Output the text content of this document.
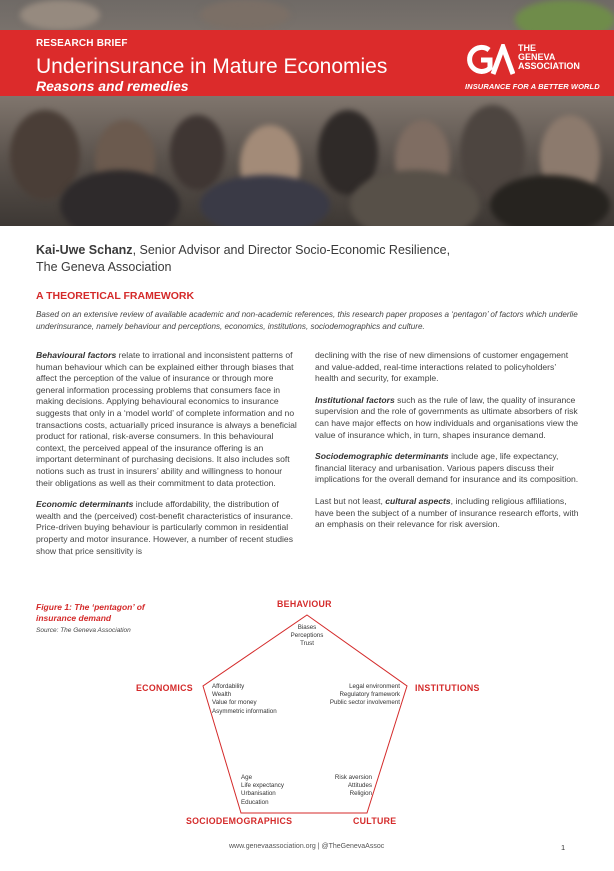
RESEARCH BRIEF
Underinsurance in Mature Economies
Reasons and remedies
THE
GENEVA
ASSOCIATION
INSURANCE FOR A BETTER WORLD
Kai-Uwe Schanz, Senior Advisor and Director Socio-Economic Resilience,
The Geneva Association
A THEORETICAL FRAMEWORK
Based on an extensive review of available academic and non-academic references, this research paper proposes a ‘pentagon’ of factors which underlie underinsurance, namely behaviour and perceptions, economics, institutions, sociodemographics and culture.

Behavioural factors relate to irrational and inconsistent patterns of human behaviour which can be explained either through biases that affect the perception of the value of insurance or through more general information processing problems that consumers face in making decisions. Applying behavioural economics to insurance suggests that only in a ‘model world’ of complete information and no transactions costs, actuarially priced insurance is always a beneficial product for rational, risk-averse consumers. In this behavioural context, the perceived appeal of the insurance offering is an important determinant of purchasing decisions. It also includes soft notions such as trust in insurers’ ability and willingness to honour their obligations as well as their commitment to data protection.

Economic determinants include affordability, the distribution of wealth and the (perceived) cost-benefit characteristics of insurance. Price-driven buying behaviour is particularly common in residential property and motor insurance. However, a number of recent studies show that price sensitivity is

declining with the rise of new dimensions of customer engagement and value-added, real-time interactions related to policyholders’ health and security, for example.

Institutional factors such as the rule of law, the quality of insurance supervision and the role of governments as ultimate absorbers of risk can have major effects on how individuals and organisations view the value of insurance which, in turn, shapes insurance demand.

Sociodemographic determinants include age, life expectancy, financial literacy and urbanisation. Various papers discuss their implications for the overall demand for insurance and its composition.

Last but not least, cultural aspects, including religious affiliations, have been the subject of a number of insurance research efforts, with an emphasis on their relevance for risk aversion.

Figure 1: The ‘pentagon’ of insurance demand
Source: The Geneva Association
BEHAVIOUR
ECONOMICS	INSTITUTIONS
SOCIODEMOGRAPHICS	CULTURE
Biases
Perceptions
Trust
Affordability
Wealth
Value for money
Asymmetric information
Legal environment
Regulatory framework
Public sector involvement
Age
Life expectancy
Urbanisation
Education
Risk aversion
Attitudes
Religion
www.genevaassociation.org | @TheGenevaAssoc	1
